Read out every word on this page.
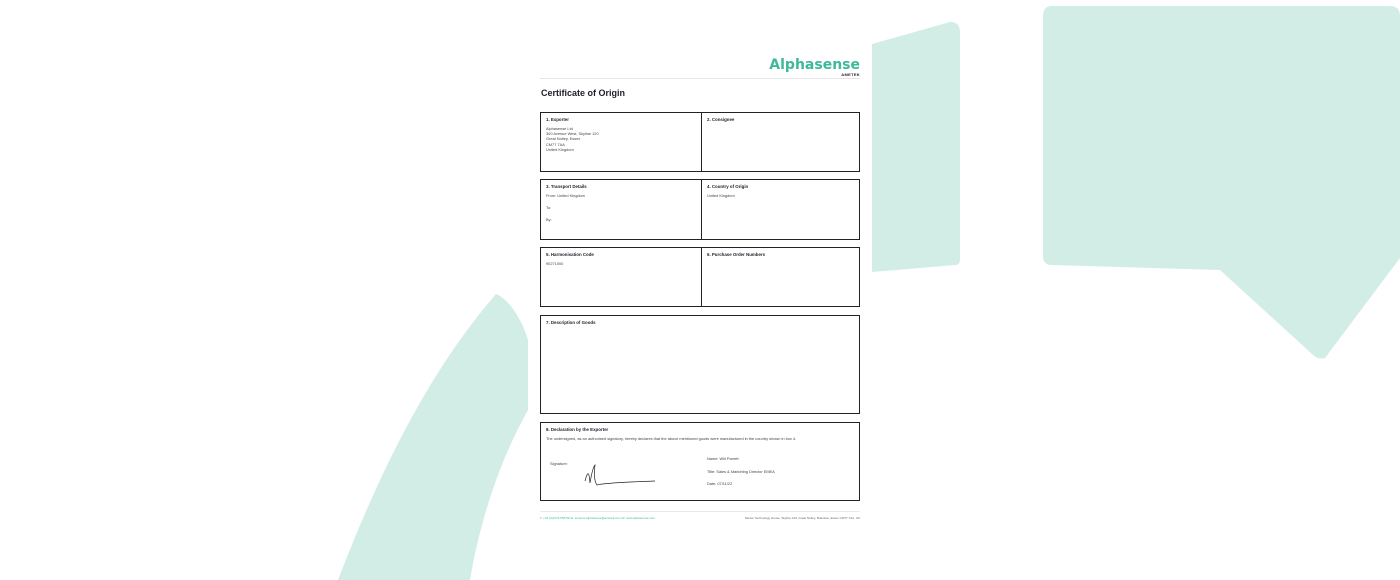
Alphasense
AMETEK
Certificate of Origin
1. Exporter
Alphasense Ltd
300 Avenue West, Skyline 120
Great Notley, Essex
CM77 7AA
United Kingdom
2. Consignee
3. Transport Details
From: United Kingdom
To:
By:
4. Country of Origin
United Kingdom
5. Harmonisation Code
90271000
6. Purchase Order Numbers
7. Description of Goods
8. Declaration by the Exporter
The undersigned, as an authorised signatory, hereby declares that the above mentioned goods were manufactured in the country shown in box 4.
Signature:
Name: Will Parrett
Title: Sales & Marketing Director EMEA
Date: 07/11/22
T: +44 (0)1376 556700 E: sensors.alphasense@ametek.com W: www.alphasense.com	Sensor Technology House, Skyline 120, Great Notley, Braintree, Essex CM77 7AA, UK
